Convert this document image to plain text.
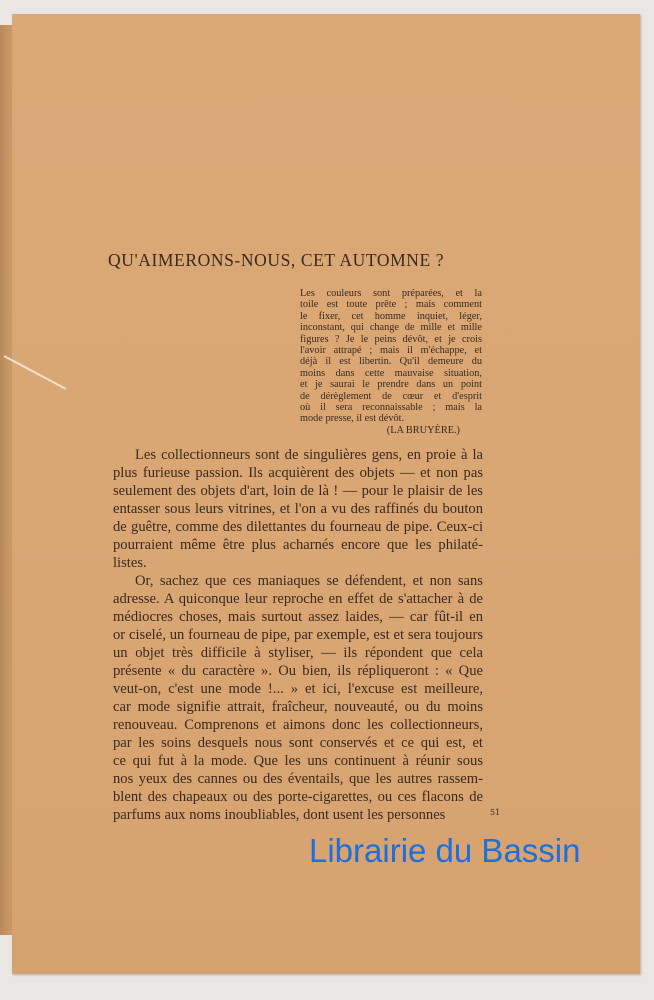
QU'AIMERONS-NOUS, CET AUTOMNE ?
Les couleurs sont préparées, et la
toile est toute prête ; mais comment
le fixer, cet homme inquiet, léger,
inconstant, qui change de mille et mille
figures ? Je le peins dévôt, et je crois
l'avoir attrapé ; mais il m'échappe, et
déjà il est libertin. Qu'il demeure du
moins dans cette mauvaise situation,
et je saurai le prendre dans un point
de dérèglement de cœur et d'esprit
où il sera reconnaissable ; mais la
mode presse, il est dévôt.
(LA BRUYÈRE.)
Les collectionneurs sont de singulières gens, en proie à la
plus furieuse passion. Ils acquièrent des objets — et non pas
seulement des objets d'art, loin de là ! — pour le plaisir de les
entasser sous leurs vitrines, et l'on a vu des raffinés du bouton
de guêtre, comme des dilettantes du fourneau de pipe. Ceux-ci
pourraient même être plus acharnés encore que les philaté-
listes.
Or, sachez que ces maniaques se défendent, et non sans
adresse. A quiconque leur reproche en effet de s'attacher à de
médiocres choses, mais surtout assez laides, — car fût-il en
or ciselé, un fourneau de pipe, par exemple, est et sera toujours
un objet très difficile à styliser, — ils répondent que cela
présente « du caractère ». Ou bien, ils répliqueront : « Que
veut-on, c'est une mode !... » et ici, l'excuse est meilleure,
car mode signifie attrait, fraîcheur, nouveauté, ou du moins
renouveau. Comprenons et aimons donc les collectionneurs,
par les soins desquels nous sont conservés et ce qui est, et
ce qui fut à la mode. Que les uns continuent à réunir sous
nos yeux des cannes ou des éventails, que les autres rassem-
blent des chapeaux ou des porte-cigarettes, ou ces flacons de
parfums aux noms inoubliables, dont usent les personnes	51
Librairie du Bassin
